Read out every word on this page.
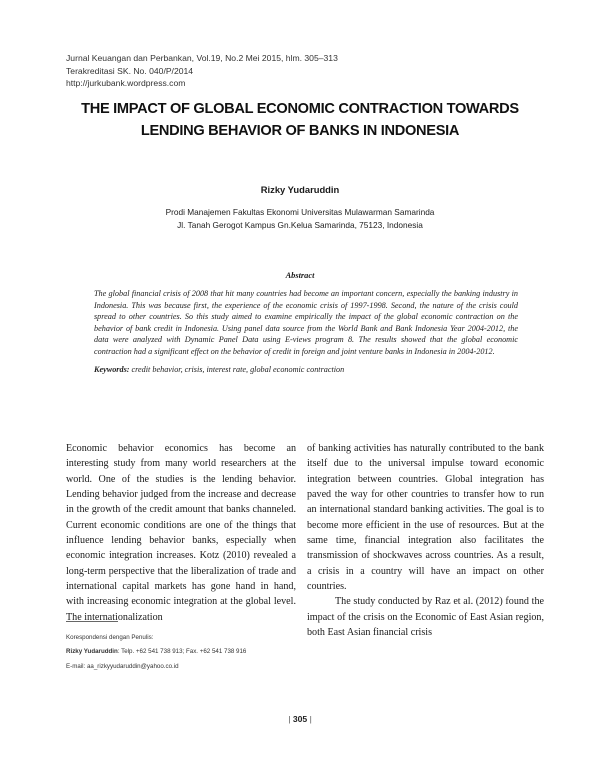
Jurnal Keuangan dan Perbankan, Vol.19, No.2 Mei 2015, hlm. 305–313
Terakreditasi SK. No. 040/P/2014
http://jurkubank.wordpress.com
THE IMPACT OF GLOBAL ECONOMIC CONTRACTION TOWARDS
LENDING BEHAVIOR OF BANKS IN INDONESIA
Rizky Yudaruddin
Prodi Manajemen Fakultas Ekonomi Universitas Mulawarman Samarinda
Jl. Tanah Gerogot Kampus Gn.Kelua Samarinda, 75123, Indonesia
Abstract

The global financial crisis of 2008 that hit many countries had become an important concern, especially the banking industry in Indonesia. This was because first, the experience of the economic crisis of 1997-1998. Second, the nature of the crisis could spread to other countries. So this study aimed to examine empirically the impact of the global economic contraction on the behavior of bank credit in Indonesia. Using panel data source from the World Bank and Bank Indonesia Year 2004-2012, the data were analyzed with Dynamic Panel Data using E-views program 8. The results showed that the global economic contraction had a significant effect on the behavior of credit in foreign and joint venture banks in Indonesia in 2004-2012.

Keywords: credit behavior, crisis, interest rate, global economic contraction

Economic behavior economics has become an interesting study from many world researchers at the world. One of the studies is the lending behavior. Lending behavior judged from the increase and decrease in the growth of the credit amount that banks channeled. Current economic conditions are one of the things that influence lending behavior banks, especially when economic integration increases. Kotz (2010) revealed a long-term perspective that the liberalization of trade and international capital markets has gone hand in hand, with increasing economic integration at the global level. The internationalization

of banking activities has naturally contributed to the bank itself due to the universal impulse toward economic integration between countries. Global integration has paved the way for other countries to transfer how to run an international standard banking activities. The goal is to become more efficient in the use of resources. But at the same time, financial integration also facilitates the transmission of shockwaves across countries. As a result, a crisis in a country will have an impact on other countries.

The study conducted by Raz et al. (2012) found the impact of the crisis on the Economic of East Asian region, both East Asian financial crisis

Korespondensi dengan Penulis:
Rizky Yudaruddin: Telp. +62 541 738 913; Fax. +62 541 738 916
E-mail: aa_rizkyyudaruddin@yahoo.co.id
| 305 |
